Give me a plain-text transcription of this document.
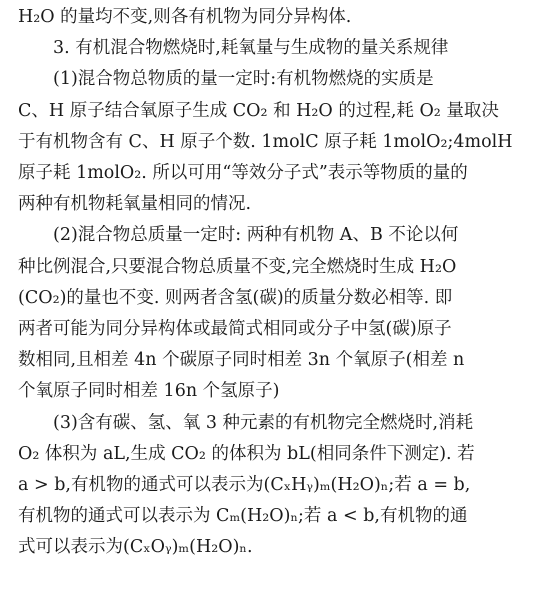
H₂O 的量均不变,则各有机物为同分异构体.

3. 有机混合物燃烧时,耗氧量与生成物的量关系规律

(1)混合物总物质的量一定时:有机物燃烧的实质是
C、H 原子结合氧原子生成 CO₂ 和 H₂O 的过程,耗 O₂ 量取决
于有机物含有 C、H 原子个数. 1molC 原子耗 1molO₂;4molH
原子耗 1molO₂. 所以可用“等效分子式”表示等物质的量的
两种有机物耗氧量相同的情况.

(2)混合物总质量一定时: 两种有机物 A、B 不论以何
种比例混合,只要混合物总质量不变,完全燃烧时生成 H₂O
(CO₂)的量也不变. 则两者含氢(碳)的质量分数必相等. 即
两者可能为同分异构体或最简式相同或分子中氢(碳)原子
数相同,且相差 4n 个碳原子同时相差 3n 个氧原子(相差 n
个氧原子同时相差 16n 个氢原子)

(3)含有碳、氢、氧 3 种元素的有机物完全燃烧时,消耗
O₂ 体积为 aL,生成 CO₂ 的体积为 bL(相同条件下测定). 若
a > b,有机物的通式可以表示为(CₓHᵧ)ₘ(H₂O)ₙ;若 a = b,
有机物的通式可以表示为 Cₘ(H₂O)ₙ;若 a < b,有机物的通
式可以表示为(CₓOᵧ)ₘ(H₂O)ₙ.
